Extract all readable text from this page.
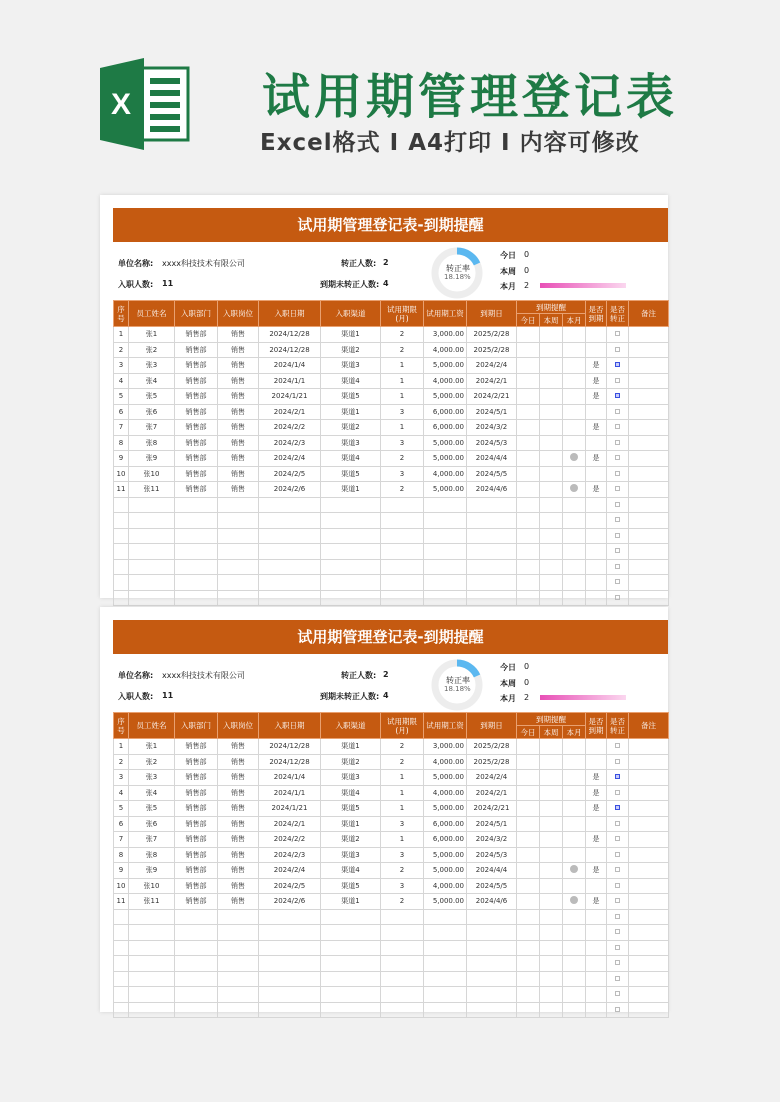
X	试用期管理登记表
Excel格式 I A4打印 I 内容可修改
试用期管理登记表-到期提醒
单位名称: xxxx科技技术有限公司
入职人数: 11
转正人数: 2
到期未转正人数: 4
今日 0
本周 0
本月 2
转正率
18.18%
序号	员工姓名	入职部门	入职岗位	入职日期	入职渠道	试用期限(月)	试用期工资	到期日	到期提醒			是否到期	是否转正	备注
									今日	本周	本月			
1	张1	销售部	销售	2024/12/28	渠道1	2	3,000.00	2025/2/28						
2	张2	销售部	销售	2024/12/28	渠道2	2	4,000.00	2025/2/28						
3	张3	销售部	销售	2024/1/4	渠道3	1	5,000.00	2024/2/4				是		
4	张4	销售部	销售	2024/1/1	渠道4	1	4,000.00	2024/2/1				是		
5	张5	销售部	销售	2024/1/21	渠道5	1	5,000.00	2024/2/21				是		
6	张6	销售部	销售	2024/2/1	渠道1	3	6,000.00	2024/5/1						
7	张7	销售部	销售	2024/2/2	渠道2	1	6,000.00	2024/3/2				是		
8	张8	销售部	销售	2024/2/3	渠道3	3	5,000.00	2024/5/3						
9	张9	销售部	销售	2024/2/4	渠道4	2	5,000.00	2024/4/4				是		
10	张10	销售部	销售	2024/2/5	渠道5	3	4,000.00	2024/5/5						
11	张11	销售部	销售	2024/2/6	渠道1	2	5,000.00	2024/4/6				是		

试用期管理登记表-到期提醒
单位名称: xxxx科技技术有限公司
入职人数: 11
转正人数: 2
到期未转正人数: 4
今日 0
本周 0
本月 2
转正率
18.18%
序号	员工姓名	入职部门	入职岗位	入职日期	入职渠道	试用期限(月)	试用期工资	到期日	到期提醒			是否到期	是否转正	备注
									今日	本周	本月			
1	张1	销售部	销售	2024/12/28	渠道1	2	3,000.00	2025/2/28						
2	张2	销售部	销售	2024/12/28	渠道2	2	4,000.00	2025/2/28						
3	张3	销售部	销售	2024/1/4	渠道3	1	5,000.00	2024/2/4				是		
4	张4	销售部	销售	2024/1/1	渠道4	1	4,000.00	2024/2/1				是		
5	张5	销售部	销售	2024/1/21	渠道5	1	5,000.00	2024/2/21				是		
6	张6	销售部	销售	2024/2/1	渠道1	3	6,000.00	2024/5/1						
7	张7	销售部	销售	2024/2/2	渠道2	1	6,000.00	2024/3/2				是		
8	张8	销售部	销售	2024/2/3	渠道3	3	5,000.00	2024/5/3						
9	张9	销售部	销售	2024/2/4	渠道4	2	5,000.00	2024/4/4				是		
10	张10	销售部	销售	2024/2/5	渠道5	3	4,000.00	2024/5/5						
11	张11	销售部	销售	2024/2/6	渠道1	2	5,000.00	2024/4/6				是		
